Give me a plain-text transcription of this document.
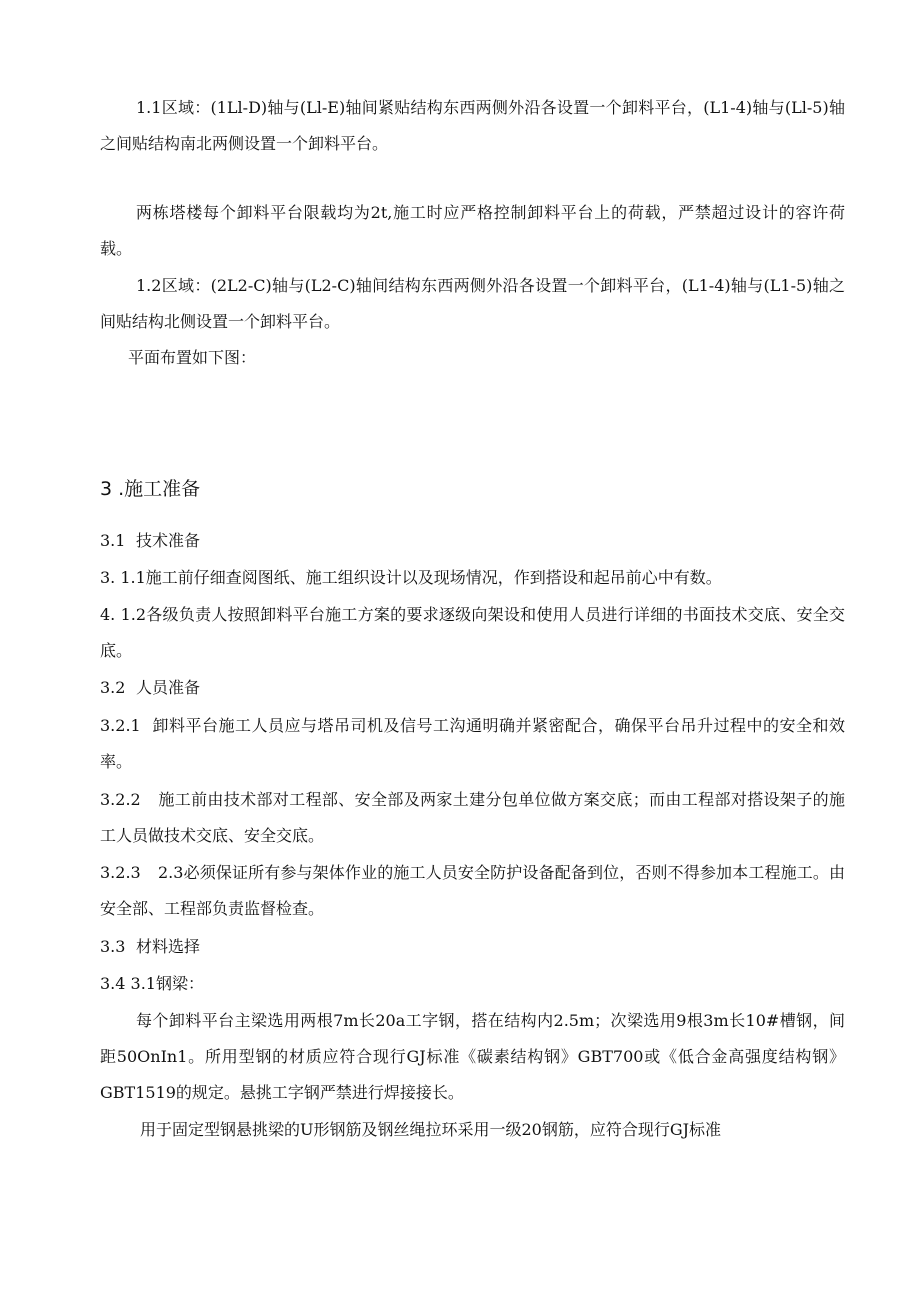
1.1区域：(1Ll-D)轴与(Ll-E)轴间紧贴结构东西两侧外沿各设置一个卸料平台，(L1-4)轴与(Ll-5)轴之间贴结构南北两侧设置一个卸料平台。

两栋塔楼每个卸料平台限载均为2t,施工时应严格控制卸料平台上的荷载，严禁超过设计的容许荷载。

1.2区域：(2L2-C)轴与(L2-C)轴间结构东西两侧外沿各设置一个卸料平台，(L1-4)轴与(L1-5)轴之间贴结构北侧设置一个卸料平台。

平面布置如下图：

3 .施工准备

3.1 技术准备

3. 1.1施工前仔细查阅图纸、施工组织设计以及现场情况，作到搭设和起吊前心中有数。

4. 1.2各级负责人按照卸料平台施工方案的要求逐级向架设和使用人员进行详细的书面技术交底、安全交底。

3.2 人员准备

3.2.1 卸料平台施工人员应与塔吊司机及信号工沟通明确并紧密配合，确保平台吊升过程中的安全和效率。

3.2.2 施工前由技术部对工程部、安全部及两家土建分包单位做方案交底；而由工程部对搭设架子的施工人员做技术交底、安全交底。

3.2.3 2.3必须保证所有参与架体作业的施工人员安全防护设备配备到位，否则不得参加本工程施工。由安全部、工程部负责监督检查。

3.3 材料选择

3.4 3.1钢梁：

每个卸料平台主梁选用两根7m长20a工字钢，搭在结构内2.5m；次梁选用9根3m长10#槽钢，间距50OnIn1。所用型钢的材质应符合现行GJ标准《碳素结构钢》GBT700或《低合金高强度结构钢》GBT1519的规定。悬挑工字钢严禁进行焊接接长。

用于固定型钢悬挑梁的U形钢筋及钢丝绳拉环采用一级20钢筋，应符合现行GJ标准
